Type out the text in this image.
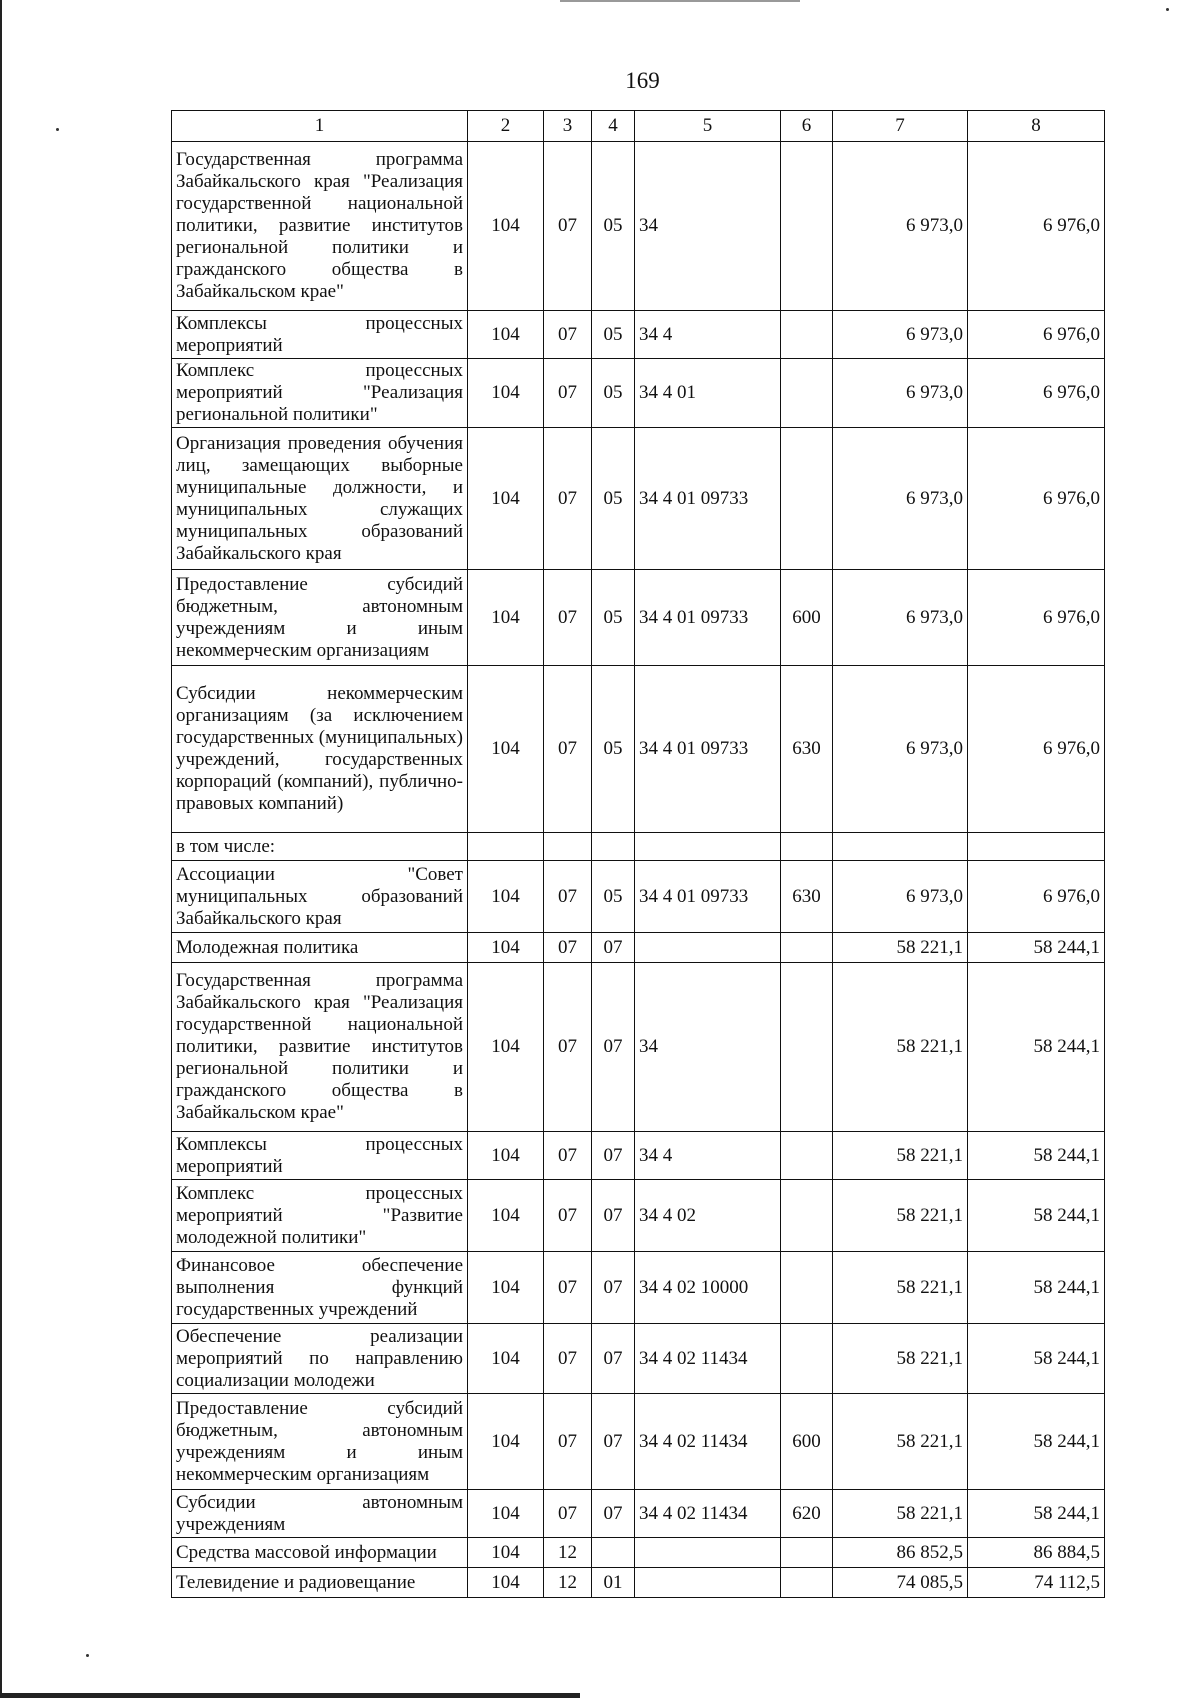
169
1	2	3	4	5	6	7	8
Государственная программа Забайкальского края "Реализация государственной национальной политики, развитие институтов региональной политики и гражданского общества в Забайкальском крае"	104	07	05	34		6 973,0	6 976,0
Комплексы процессных мероприятий	104	07	05	34 4		6 973,0	6 976,0
Комплекс процессных мероприятий "Реализация региональной политики"	104	07	05	34 4 01		6 973,0	6 976,0
Организация проведения обучения лиц, замещающих выборные муниципальные должности, и муниципальных служащих муниципальных образований Забайкальского края	104	07	05	34 4 01 09733		6 973,0	6 976,0
Предоставление субсидий бюджетным, автономным учреждениям и иным некоммерческим организациям	104	07	05	34 4 01 09733	600	6 973,0	6 976,0
Субсидии некоммерческим организациям (за исключением государственных (муниципальных) учреждений, государственных корпораций (компаний), публично-правовых компаний)	104	07	05	34 4 01 09733	630	6 973,0	6 976,0
в том числе:							
Ассоциации "Совет муниципальных образований Забайкальского края	104	07	05	34 4 01 09733	630	6 973,0	6 976,0
Молодежная политика	104	07	07			58 221,1	58 244,1
Государственная программа Забайкальского края "Реализация государственной национальной политики, развитие институтов региональной политики и гражданского общества в Забайкальском крае"	104	07	07	34		58 221,1	58 244,1
Комплексы процессных мероприятий	104	07	07	34 4		58 221,1	58 244,1
Комплекс процессных мероприятий "Развитие молодежной политики"	104	07	07	34 4 02		58 221,1	58 244,1
Финансовое обеспечение выполнения функций государственных учреждений	104	07	07	34 4 02 10000		58 221,1	58 244,1
Обеспечение реализации мероприятий по направлению социализации молодежи	104	07	07	34 4 02 11434		58 221,1	58 244,1
Предоставление субсидий бюджетным, автономным учреждениям и иным некоммерческим организациям	104	07	07	34 4 02 11434	600	58 221,1	58 244,1
Субсидии автономным учреждениям	104	07	07	34 4 02 11434	620	58 221,1	58 244,1
Средства массовой информации	104	12				86 852,5	86 884,5
Телевидение и радиовещание	104	12	01			74 085,5	74 112,5
